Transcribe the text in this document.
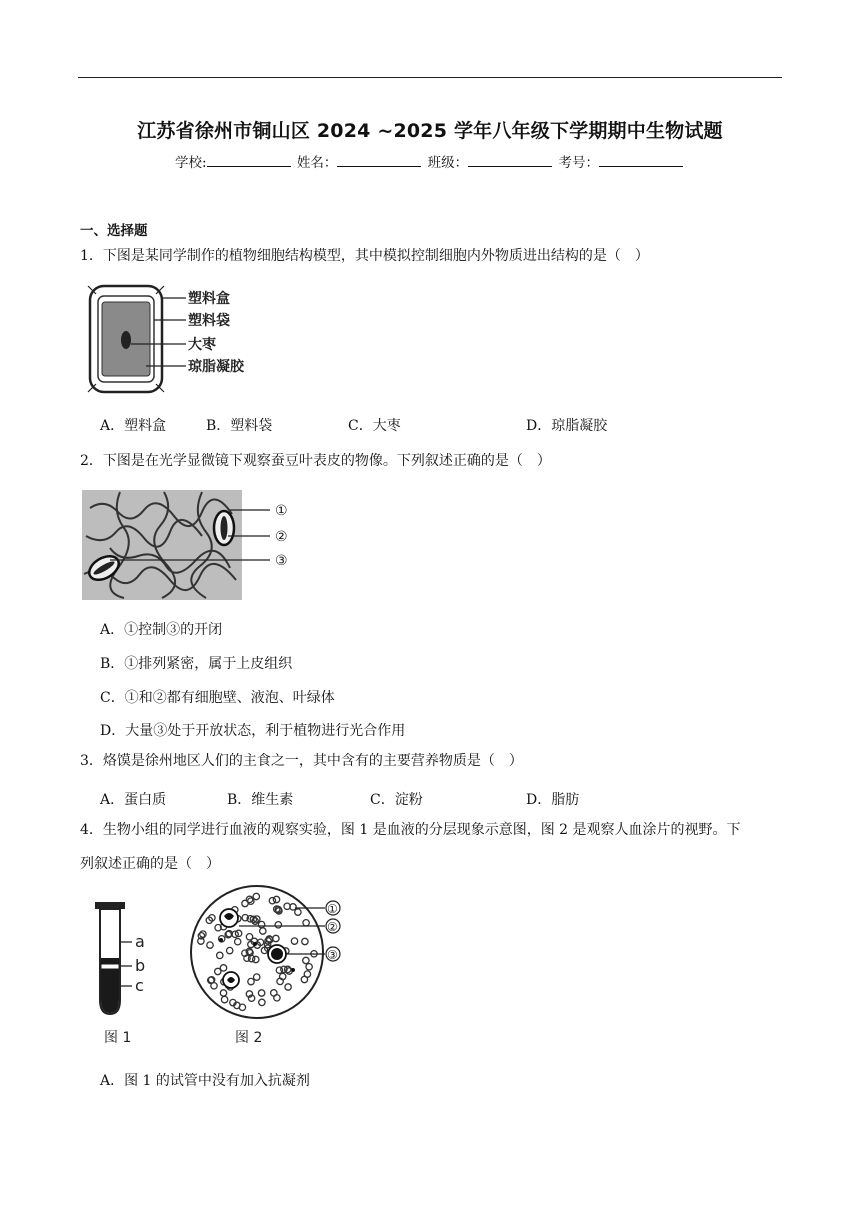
江苏省徐州市铜山区 2024 ~2025 学年八年级下学期期中生物试题
学校:	姓名：	班级：	考号：
一、选择题
1．下图是某同学制作的植物细胞结构模型，其中模拟控制细胞内外物质进出结构的是（　）
塑料盒
塑料袋
大枣
琼脂凝胶
A．塑料盒	B．塑料袋	C．大枣	D．琼脂凝胶
2．下图是在光学显微镜下观察蚕豆叶表皮的物像。下列叙述正确的是（　）
①
②
③
A．①控制③的开闭
B．①排列紧密，属于上皮组织
C．①和②都有细胞壁、液泡、叶绿体
D．大量③处于开放状态，利于植物进行光合作用
3．烙馍是徐州地区人们的主食之一，其中含有的主要营养物质是（　）
A．蛋白质	B．维生素	C．淀粉	D．脂肪
4．生物小组的同学进行血液的观察实验，图 1 是血液的分层现象示意图，图 2 是观察人血涂片的视野。下
列叙述正确的是（　）
a
b
c
图 1
①
②
③
图 2
A．图 1 的试管中没有加入抗凝剂
